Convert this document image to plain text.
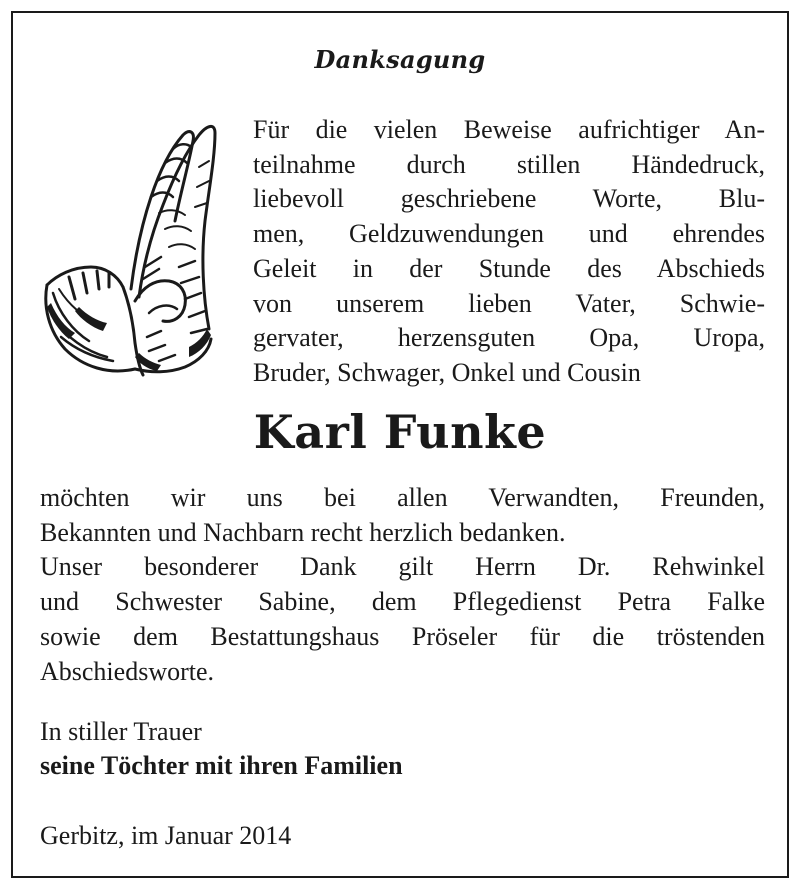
Danksagung
Für die vielen Beweise aufrichtiger An-
teilnahme durch stillen Händedruck,
liebevoll geschriebene Worte, Blu-
men, Geldzuwendungen und ehrendes
Geleit in der Stunde des Abschieds
von unserem lieben Vater, Schwie-
gervater, herzensguten Opa, Uropa,
Bruder, Schwager, Onkel und Cousin
Karl Funke
möchten wir uns bei allen Verwandten, Freunden,
Bekannten und Nachbarn recht herzlich bedanken.
Unser besonderer Dank gilt Herrn Dr. Rehwinkel
und Schwester Sabine, dem Pflegedienst Petra Falke
sowie dem Bestattungshaus Pröseler für die tröstenden
Abschiedsworte.
In stiller Trauer
seine Töchter mit ihren Familien
Gerbitz, im Januar 2014
